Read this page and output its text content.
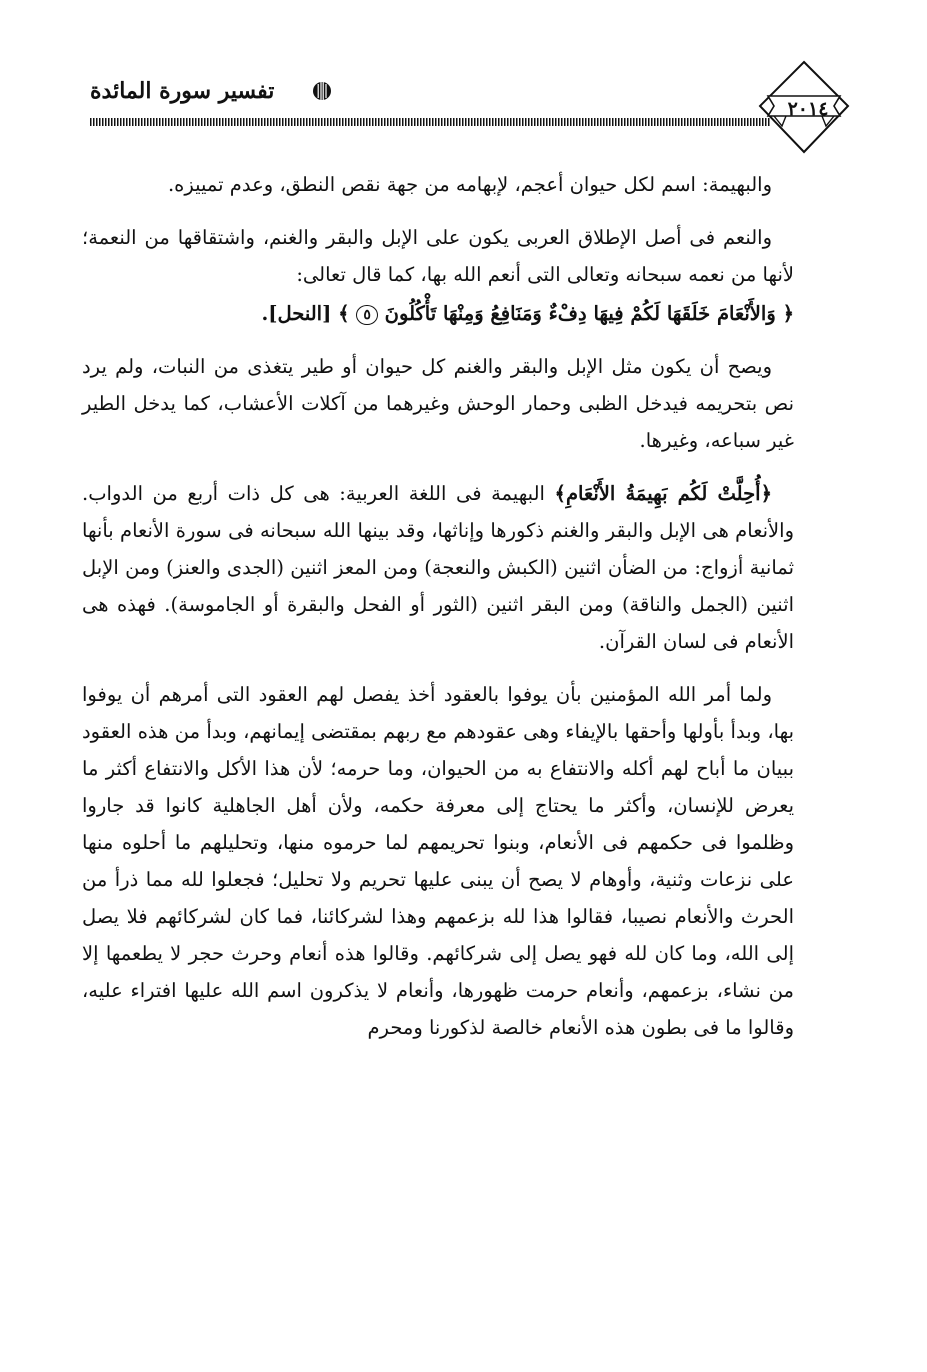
تفسير سورة المائدة
٢٠١٤

والبهيمة: اسم لكل حيوان أعجم، لإبهامه من جهة نقص النطق، وعدم تمييزه.

والنعم فى أصل الإطلاق العربى يكون على الإبل والبقر والغنم، واشتقاقها من النعمة؛ لأنها من نعمه سبحانه وتعالى التى أنعم الله بها، كما قال تعالى:

﴿ وَالأَنْعَامَ خَلَقَهَا لَكُمْ فِيهَا دِفْءٌ وَمَنَافِعُ وَمِنْهَا تَأْكُلُونَ ٥ ﴾ [النحل].

ويصح أن يكون مثل الإبل والبقر والغنم كل حيوان أو طير يتغذى من النبات، ولم يرد نص بتحريمه فيدخل الظبى وحمار الوحش وغيرهما من آكلات الأعشاب، كما يدخل الطير غير سباعه، وغيرها.

﴿أُحِلَّتْ لَكُم بَهِيمَةُ الأَنْعَامِ﴾ البهيمة فى اللغة العربية: هى كل ذات أربع من الدواب. والأنعام هى الإبل والبقر والغنم ذكورها وإناثها، وقد بينها الله سبحانه فى سورة الأنعام بأنها ثمانية أزواج: من الضأن اثنين (الكبش والنعجة) ومن المعز اثنين (الجدى والعنز) ومن الإبل اثنين (الجمل والناقة) ومن البقر اثنين (الثور أو الفحل والبقرة أو الجاموسة). فهذه هى الأنعام فى لسان القرآن.

ولما أمر الله المؤمنين بأن يوفوا بالعقود أخذ يفصل لهم العقود التى أمرهم أن يوفوا بها، وبدأ بأولها وأحقها بالإيفاء وهى عقودهم مع ربهم بمقتضى إيمانهم، وبدأ من هذه العقود ببيان ما أباح لهم أكله والانتفاع به من الحيوان، وما حرمه؛ لأن هذا الأكل والانتفاع أكثر ما يعرض للإنسان، وأكثر ما يحتاج إلى معرفة حكمه، ولأن أهل الجاهلية كانوا قد جاروا وظلموا فى حكمهم فى الأنعام، وبنوا تحريمهم لما حرموه منها، وتحليلهم ما أحلوه منها على نزعات وثنية، وأوهام لا يصح أن يبنى عليها تحريم ولا تحليل؛ فجعلوا لله مما ذرأ من الحرث والأنعام نصيبا، فقالوا هذا لله بزعمهم وهذا لشركائنا، فما كان لشركائهم فلا يصل إلى الله، وما كان لله فهو يصل إلى شركائهم. وقالوا هذه أنعام وحرث حجر لا يطعمها إلا من نشاء، بزعمهم، وأنعام حرمت ظهورها، وأنعام لا يذكرون اسم الله عليها افتراء عليه، وقالوا ما فى بطون هذه الأنعام خالصة لذكورنا ومحرم
